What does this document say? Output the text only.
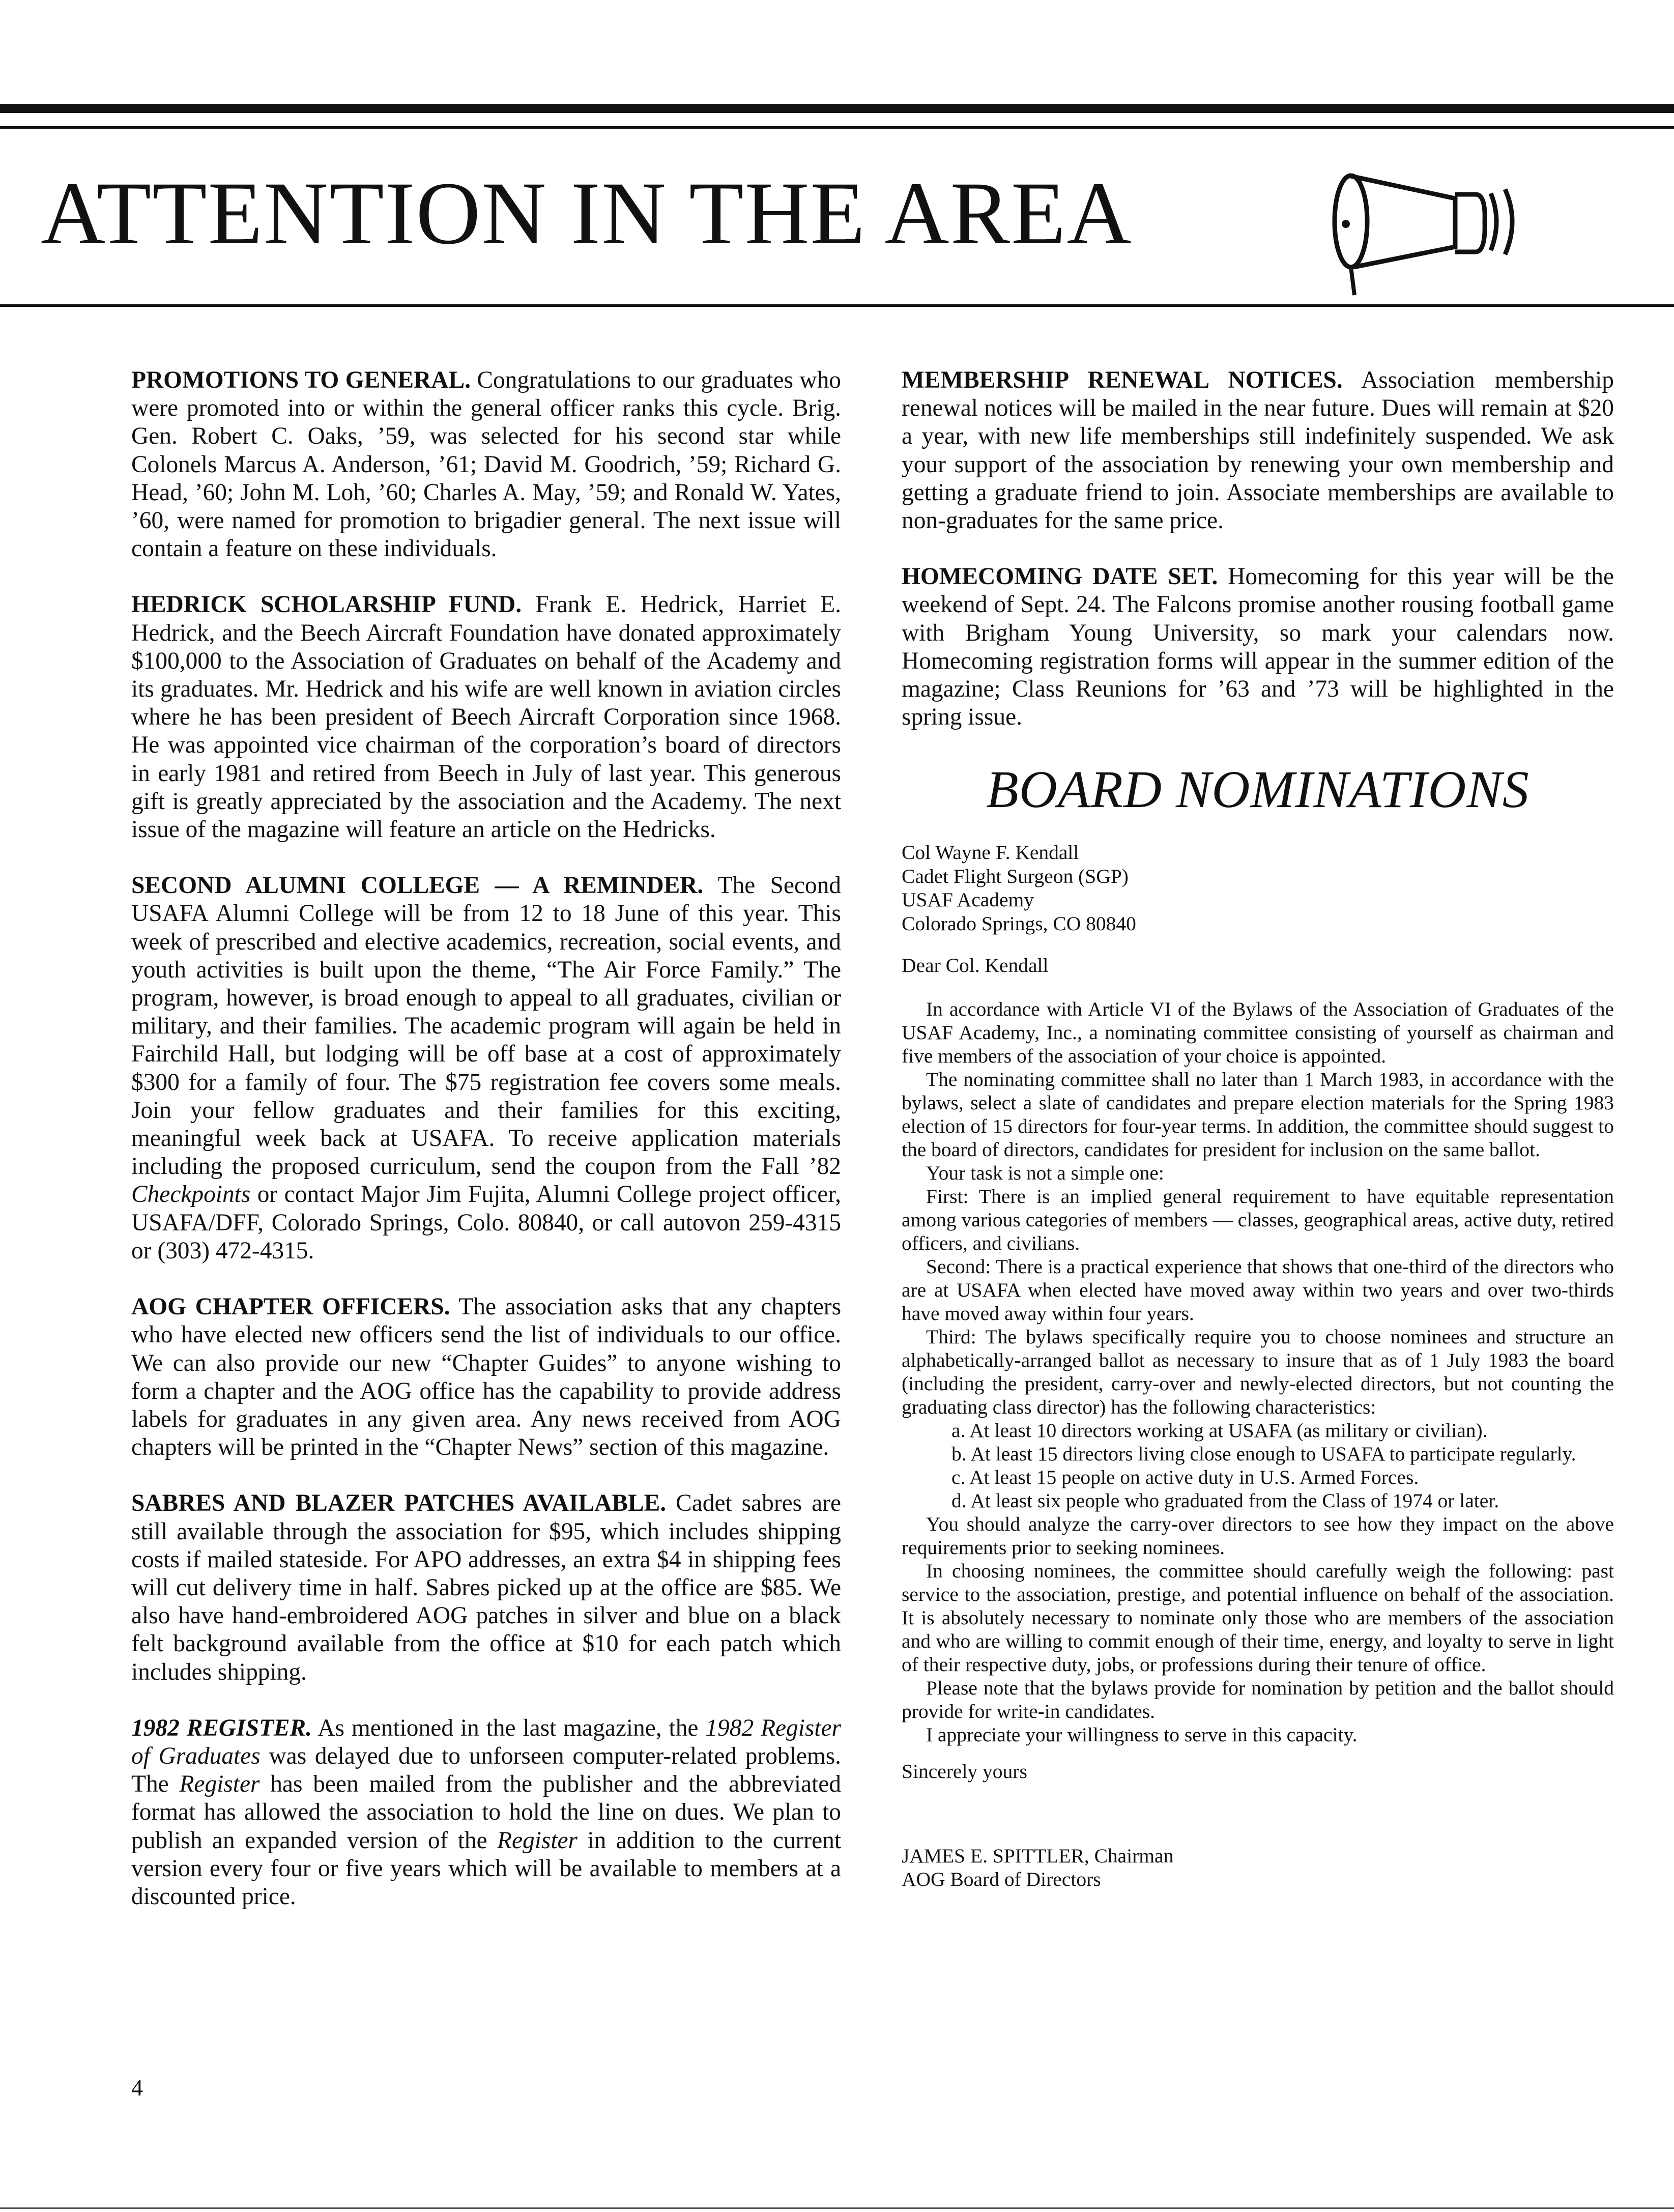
ATTENTION IN THE AREA

PROMOTIONS TO GENERAL. Congratulations to our graduates who were promoted into or within the general officer ranks this cycle. Brig. Gen. Robert C. Oaks, ’59, was selected for his second star while Colonels Marcus A. Anderson, ’61; David M. Goodrich, ’59; Richard G. Head, ’60; John M. Loh, ’60; Charles A. May, ’59; and Ronald W. Yates, ’60, were named for promotion to brigadier general. The next issue will contain a feature on these individuals.

HEDRICK SCHOLARSHIP FUND. Frank E. Hedrick, Harriet E. Hedrick, and the Beech Aircraft Foundation have donated approximately $100,000 to the Association of Graduates on behalf of the Academy and its graduates. Mr. Hedrick and his wife are well known in aviation circles where he has been president of Beech Aircraft Corporation since 1968. He was appointed vice chairman of the corporation’s board of directors in early 1981 and retired from Beech in July of last year. This generous gift is greatly appreciated by the association and the Academy. The next issue of the magazine will feature an article on the Hedricks.

SECOND ALUMNI COLLEGE — A REMINDER. The Second USAFA Alumni College will be from 12 to 18 June of this year. This week of prescribed and elective academics, recreation, social events, and youth activities is built upon the theme, “The Air Force Family.” The program, however, is broad enough to appeal to all graduates, civilian or military, and their families. The academic program will again be held in Fairchild Hall, but lodging will be off base at a cost of approximately $300 for a family of four. The $75 registration fee covers some meals. Join your fellow graduates and their families for this exciting, meaningful week back at USAFA. To receive application materials including the proposed curriculum, send the coupon from the Fall ’82 Checkpoints or contact Major Jim Fujita, Alumni College project officer, USAFA/DFF, Colorado Springs, Colo. 80840, or call autovon 259-4315 or (303) 472-4315.

AOG CHAPTER OFFICERS. The association asks that any chapters who have elected new officers send the list of individuals to our office. We can also provide our new “Chapter Guides” to anyone wishing to form a chapter and the AOG office has the capability to provide address labels for graduates in any given area. Any news received from AOG chapters will be printed in the “Chapter News” section of this magazine.

SABRES AND BLAZER PATCHES AVAILABLE. Cadet sabres are still available through the association for $95, which includes shipping costs if mailed stateside. For APO addresses, an extra $4 in shipping fees will cut delivery time in half. Sabres picked up at the office are $85. We also have hand-embroidered AOG patches in silver and blue on a black felt background available from the office at $10 for each patch which includes shipping.

1982 REGISTER. As mentioned in the last magazine, the 1982 Register of Graduates was delayed due to unforseen computer-related problems. The Register has been mailed from the publisher and the abbreviated format has allowed the association to hold the line on dues. We plan to publish an expanded version of the Register in addition to the current version every four or five years which will be available to members at a discounted price.

MEMBERSHIP RENEWAL NOTICES. Association membership renewal notices will be mailed in the near future. Dues will remain at $20 a year, with new life memberships still indefinitely suspended. We ask your support of the association by renewing your own membership and getting a graduate friend to join. Associate memberships are available to non-graduates for the same price.

HOMECOMING DATE SET. Homecoming for this year will be the weekend of Sept. 24. The Falcons promise another rousing football game with Brigham Young University, so mark your calendars now. Homecoming registration forms will appear in the summer edition of the magazine; Class Reunions for ’63 and ’73 will be highlighted in the spring issue.

BOARD NOMINATIONS
Col Wayne F. Kendall
Cadet Flight Surgeon (SGP)
USAF Academy
Colorado Springs, CO 80840
Dear Col. Kendall

In accordance with Article VI of the Bylaws of the Association of Graduates of the USAF Academy, Inc., a nominating committee consisting of yourself as chairman and five members of the association of your choice is appointed.

The nominating committee shall no later than 1 March 1983, in accordance with the bylaws, select a slate of candidates and prepare election materials for the Spring 1983 election of 15 directors for four-year terms. In addition, the committee should suggest to the board of directors, candidates for president for inclusion on the same ballot.

Your task is not a simple one:

First: There is an implied general requirement to have equitable representation among various categories of members — classes, geographical areas, active duty, retired officers, and civilians.

Second: There is a practical experience that shows that one-third of the directors who are at USAFA when elected have moved away within two years and over two-thirds have moved away within four years.

Third: The bylaws specifically require you to choose nominees and structure an alphabetically-arranged ballot as necessary to insure that as of 1 July 1983 the board (including the president, carry-over and newly-elected directors, but not counting the graduating class director) has the following characteristics:

a. At least 10 directors working at USAFA (as military or civilian).

b. At least 15 directors living close enough to USAFA to participate regularly.

c. At least 15 people on active duty in U.S. Armed Forces.

d. At least six people who graduated from the Class of 1974 or later.

You should analyze the carry-over directors to see how they impact on the above requirements prior to seeking nominees.

In choosing nominees, the committee should carefully weigh the following: past service to the association, prestige, and potential influence on behalf of the association. It is absolutely necessary to nominate only those who are members of the association and who are willing to commit enough of their time, energy, and loyalty to serve in light of their respective duty, jobs, or professions during their tenure of office.

Please note that the bylaws provide for nomination by petition and the ballot should provide for write-in candidates.

I appreciate your willingness to serve in this capacity.

Sincerely yours
JAMES E. SPITTLER, Chairman
AOG Board of Directors
4
